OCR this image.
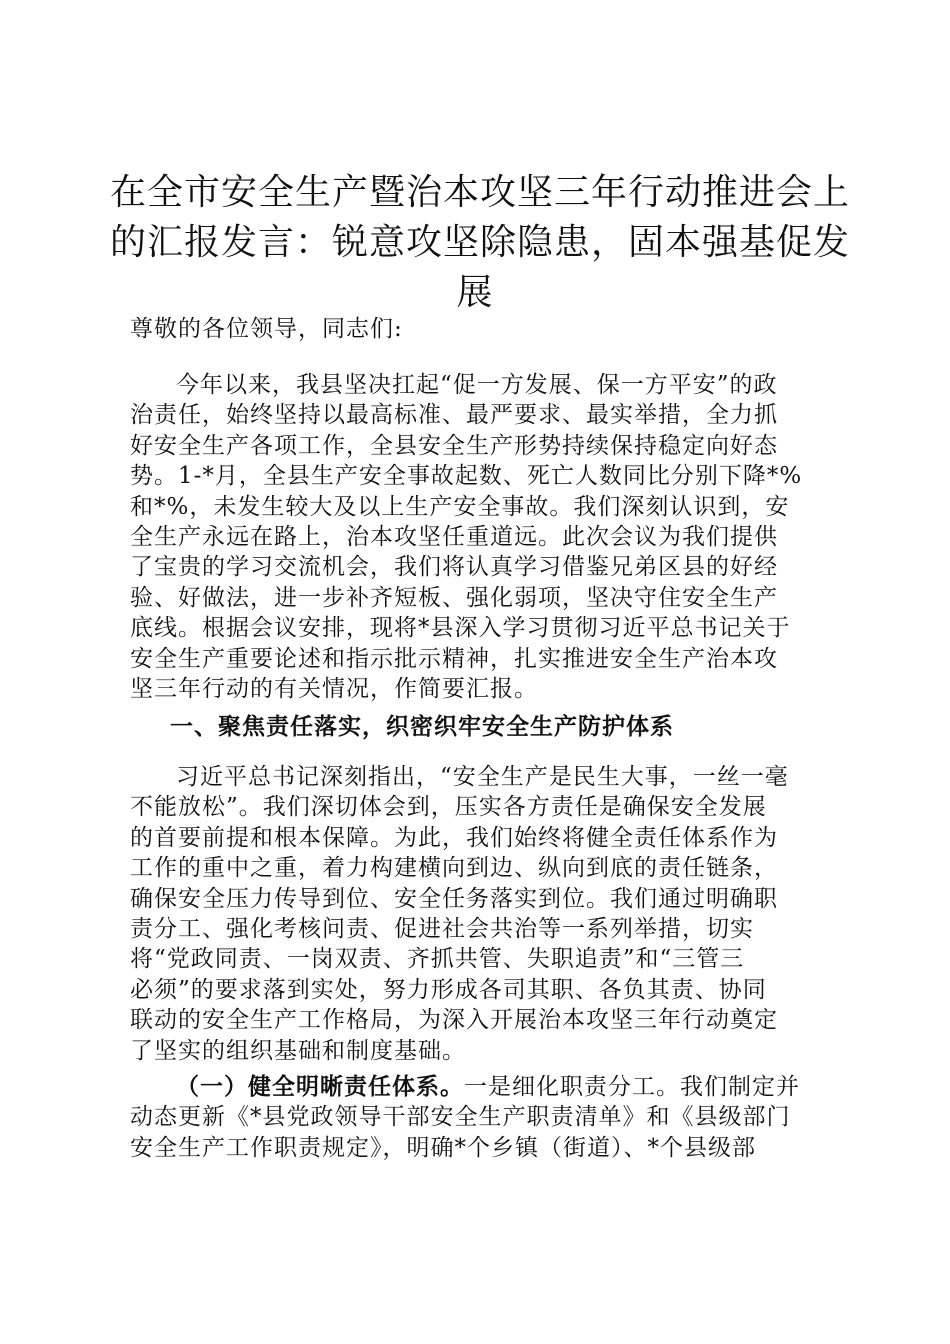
在全市安全生产暨治本攻坚三年行动推进会上
的汇报发言：锐意攻坚除隐患，固本强基促发
展

尊敬的各位领导，同志们:

今年以来，我县坚决扛起“促一方发展、保一方平安”的政
治责任，始终坚持以最高标准、最严要求、最实举措，全力抓
好安全生产各项工作，全县安全生产形势持续保持稳定向好态
势。1-*月，全县生产安全事故起数、死亡人数同比分别下降*%
和*%，未发生较大及以上生产安全事故。我们深刻认识到，安
全生产永远在路上，治本攻坚任重道远。此次会议为我们提供
了宝贵的学习交流机会，我们将认真学习借鉴兄弟区县的好经
验、好做法，进一步补齐短板、强化弱项，坚决守住安全生产
底线。根据会议安排，现将*县深入学习贯彻习近平总书记关于
安全生产重要论述和指示批示精神，扎实推进安全生产治本攻
坚三年行动的有关情况，作简要汇报。

一、聚焦责任落实，织密织牢安全生产防护体系

习近平总书记深刻指出，“安全生产是民生大事，一丝一毫
不能放松”。我们深切体会到，压实各方责任是确保安全发展
的首要前提和根本保障。为此，我们始终将健全责任体系作为
工作的重中之重，着力构建横向到边、纵向到底的责任链条，
确保安全压力传导到位、安全任务落实到位。我们通过明确职
责分工、强化考核问责、促进社会共治等一系列举措，切实
将“党政同责、一岗双责、齐抓共管、失职追责”和“三管三
必须”的要求落到实处，努力形成各司其职、各负其责、协同
联动的安全生产工作格局，为深入开展治本攻坚三年行动奠定
了坚实的组织基础和制度基础。

（一）健全明晰责任体系。一是细化职责分工。我们制定并
动态更新《*县党政领导干部安全生产职责清单》和《县级部门
安全生产工作职责规定》，明确*个乡镇（街道）、*个县级部
